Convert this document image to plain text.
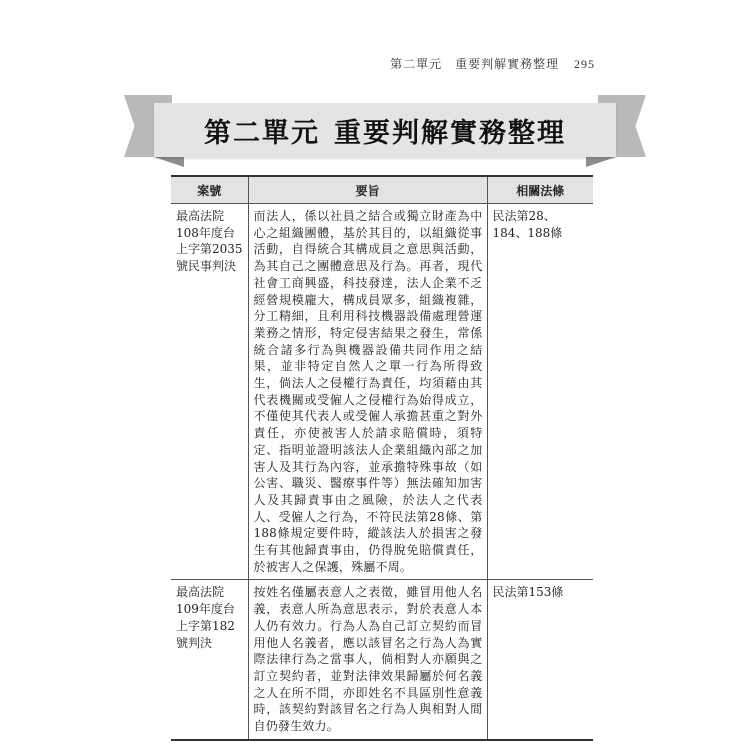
第二單元　重要判解實務整理 295
第二單元 重要判解實務整理
案號	要旨	相關法條
最高法院108年度台上字第2035號民事判決	而法人，係以社員之結合或獨立財產為中心之組織團體，基於其目的，以組織從事活動，自得統合其構成員之意思與活動，為其自己之團體意思及行為。再者，現代社會工商興盛，科技發達，法人企業不乏經營規模龐大，構成員眾多，組織複雜，分工精細，且利用科技機器設備處理營運業務之情形，特定侵害結果之發生，常係統合諸多行為與機器設備共同作用之結果，並非特定自然人之單一行為所得致生，倘法人之侵權行為責任，均須藉由其代表機關或受僱人之侵權行為始得成立，不僅使其代表人或受僱人承擔甚重之對外責任，亦使被害人於請求賠償時，須特定、指明並證明該法人企業組織內部之加害人及其行為內容，並承擔特殊事故（如公害、職災、醫療事件等）無法確知加害人及其歸責事由之風險，於法人之代表人、受僱人之行為，不符民法第28條、第188條規定要件時，縱該法人於損害之發生有其他歸責事由，仍得脫免賠償責任，於被害人之保護，殊屬不周。	民法第28、184、188條
最高法院109年度台上字第182號判決	按姓名僅屬表意人之表徵，雖冒用他人名義，表意人所為意思表示，對於表意人本人仍有效力。行為人為自己訂立契約而冒用他人名義者，應以該冒名之行為人為實際法律行為之當事人，倘相對人亦願與之訂立契約者，並對法律效果歸屬於何名義之人在所不問，亦即姓名不具區別性意義時，該契約對該冒名之行為人與相對人間自仍發生效力。	民法第153條
